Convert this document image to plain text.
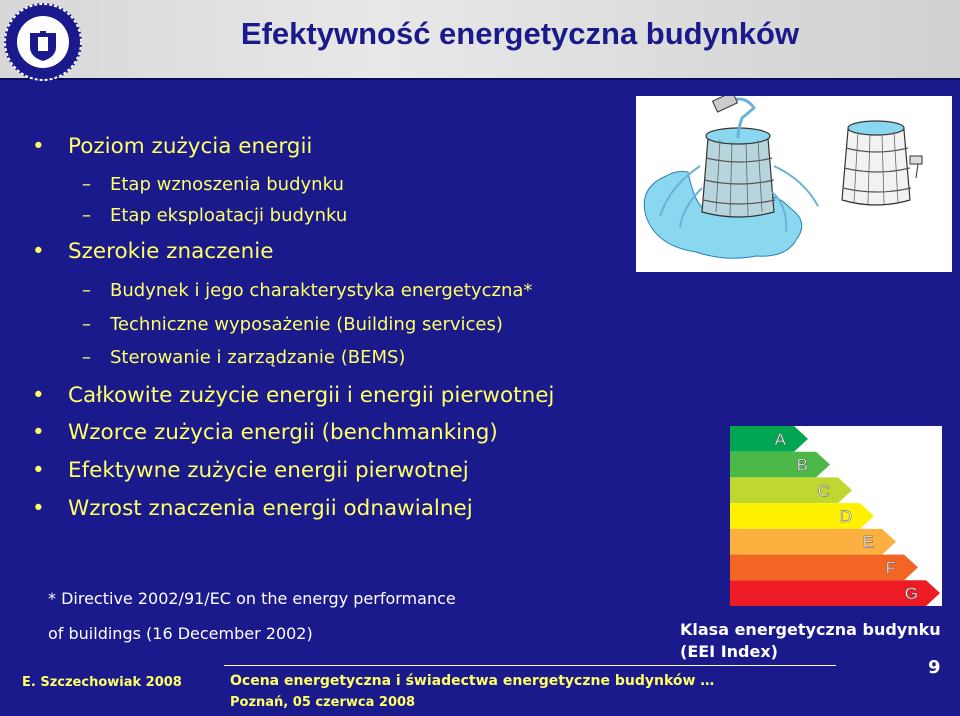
Efektywność energetyczna budynków
• Poziom zużycia energii
– Etap wznoszenia budynku
– Etap eksploatacji budynku
• Szerokie znaczenie
– Budynek i jego charakterystyka energetyczna*
– Techniczne wyposażenie (Building services)
– Sterowanie i zarządzanie (BEMS)
• Całkowite zużycie energii i energii pierwotnej
• Wzorce zużycia energii (benchmanking)
• Efektywne zużycie energii pierwotnej
• Wzrost znaczenia energii odnawialnej
A
B
C
D
E
F
G
* Directive 2002/91/EC on the energy performance
of buildings (16 December 2002)	Klasa energetyczna budynku
(EEI Index)
E. Szczechowiak 2008	Ocena energetyczna i świadectwa energetyczne budynków …
Poznań, 05 czerwca 2008
9
